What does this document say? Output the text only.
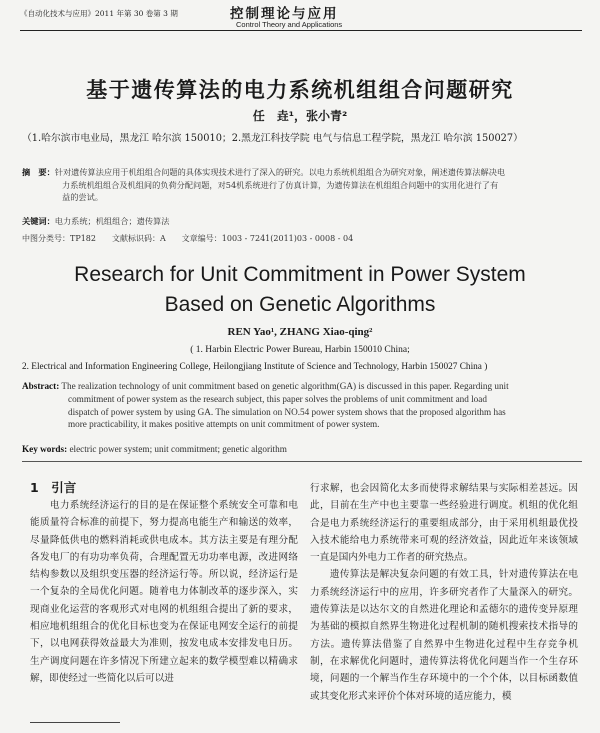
《自动化技术与应用》2011 年第 30 卷第 3 期	控制理论与应用
Control Theory and Applications
基于遗传算法的电力系统机组组合问题研究
任　垚¹，张小青²
（1.哈尔滨市电业局，黑龙江 哈尔滨 150010；2.黑龙江科技学院 电气与信息工程学院，黑龙江 哈尔滨 150027）
摘　要：针对遗传算法应用于机组组合问题的具体实现技术进行了深入的研究。以电力系统机组组合为研究对象，阐述遗传算法解决电
力系统机组组合及机组间的负荷分配问题，对54机系统进行了仿真计算，为遗传算法在机组组合问题中的实用化进行了有
益的尝试。
关键词：电力系统；机组组合；遗传算法
中图分类号：TP182　　文献标识码：A　　文章编号：1003 - 7241(2011)03 - 0008 - 04
Research for Unit Commitment in Power System
Based on Genetic Algorithms
REN Yao¹, ZHANG Xiao-qing²
( 1. Harbin Electric Power Bureau, Harbin 150010 China;
2. Electrical and Information Engineering College, Heilongjiang Institute of Science and Technology, Harbin 150027 China )
Abstract: The realization technology of unit commitment based on genetic algorithm(GA) is discussed in this paper. Regarding unit
commitment of power system as the research subject, this paper solves the problems of unit commitment and load
dispatch of power system by using GA. The simulation on NO.54 power system shows that the proposed algorithm has
more practicability, it makes positive attempts on unit commitment of power system.
Key words: electric power system; unit commitment; genetic algorithm
1　 引言

　　电力系统经济运行的目的是在保证整个系统安全可靠和电能质量符合标准的前提下，努力提高电能生产和输送的效率，尽量降低供电的燃料消耗或供电成本。其方法主要是有理分配各发电厂的有功功率负荷，合理配置无功功率电源，改进网络结构参数以及组织变压器的经济运行等。所以说，经济运行是一个复杂的全局优化问题。随着电力体制改革的逐步深入，实现商业化运营的客观形式对电网的机组组合提出了新的要求，相应地机组组合的优化目标也变为在保证电网安全运行的前提下，以电网获得效益最大为准则，按发电成本安排发电日历。生产调度问题在许多情况下所建立起来的数学模型难以精确求解，即使经过一些简化以后可以进

行求解，也会因简化太多而使得求解结果与实际相差甚远。因此，目前在生产中也主要靠一些经验进行调度。机组的优化组合是电力系统经济运行的重要组成部分，由于采用机组最优投入技术能给电力系统带来可观的经济效益，因此近年来该领域一直是国内外电力工作者的研究热点。

　　遗传算法是解决复杂问题的有效工具，针对遗传算法在电力系统经济运行中的应用，许多研究者作了大量深入的研究。遗传算法是以达尔文的自然进化理论和孟德尔的遗传变异原理为基础的模拟自然界生物进化过程机制的随机搜索技术指导的方法。遗传算法借鉴了自然界中生物进化过程中生存竞争机制，在求解优化问题时，遗传算法将优化问题当作一个生存环境，问题的一个解当作生存环境中的一个个体，以目标函数值或其变化形式来评价个体对环境的适应能力，模
